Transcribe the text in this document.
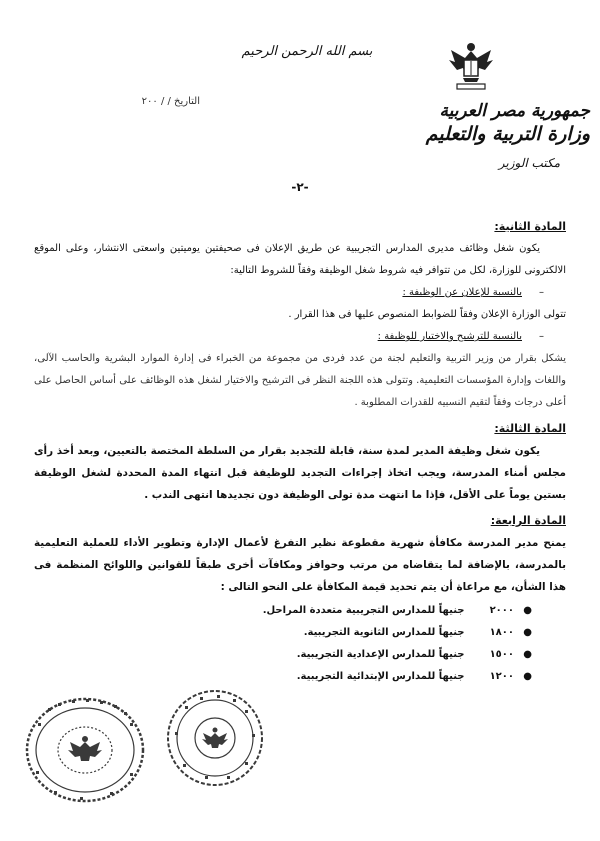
بسم الله الرحمن الرحيم
جمهورية مصر العربية
وزارة التربية والتعليم
مكتب الوزير
التاريخ / / ٢٠٠
-٢-

المادة الثانية:

يكون شغل وظائف مديرى المدارس التجريبية عن طريق الإعلان فى صحيفتين يوميتين واسعتى الانتشار، وعلى الموقع الالكترونى للوزارة، لكل من تتوافر فيه شروط شغل الوظيفة وفقاً للشروط التالية:

–بالنسبة للإعلان عن الوظيفة :

تتولى الوزارة الإعلان وفقاً للضوابط المنصوص عليها فى هذا القرار .

–بالنسبة للترشيح والاختيار للوظيفة :

يشكل بقرار من وزير التربية والتعليم لجنة من عدد فردى من مجموعة من الخبراء فى إدارة الموارد البشرية والحاسب الآلى، واللغات وإدارة المؤسسات التعليمية. وتتولى هذه اللجنة النظر فى الترشيح والاختيار لشغل هذه الوظائف على أساس الحاصل على أعلى درجات وفقاً لتقيم النسبيه للقدرات المطلوبة .

المادة الثالثة:

يكون شغل وظيفة المدير لمدة سنة، قابلة للتجديد بقرار من السلطة المختصة بالتعيين، وبعد أخذ رأى مجلس أمناء المدرسة، ويجب اتخاذ إجراءات التجديد للوظيفة قبل انتهاء المدة المحددة لشغل الوظيفة بستين يوماً على الأقل، فإذا ما انتهت مدة تولى الوظيفة دون تجديدها انتهى الندب .

المادة الرابعة:

يمنح مدير المدرسة مكافأة شهرية مقطوعة نظير التفرغ لأعمال الإدارة وتطوير الأداء للعملية التعليمية بالمدرسة، بالإضافة لما يتقاضاه من مرتب وحوافز ومكافآت أخرى طبقاً للقوانين واللوائح المنظمة فى هذا الشأن، مع مراعاة أن يتم تحديد قيمة المكافأة على النحو التالى :

●
٢٠٠٠ جنيهاً للمدارس التجريبية متعددة المراحل.
●
١٨٠٠ جنيهاً للمدارس الثانوية التجريبية.
●
١٥٠٠ جنيهاً للمدارس الإعدادية التجريبية.
●
١٢٠٠ جنيهاً للمدارس الإبتدائية التجريبية.
